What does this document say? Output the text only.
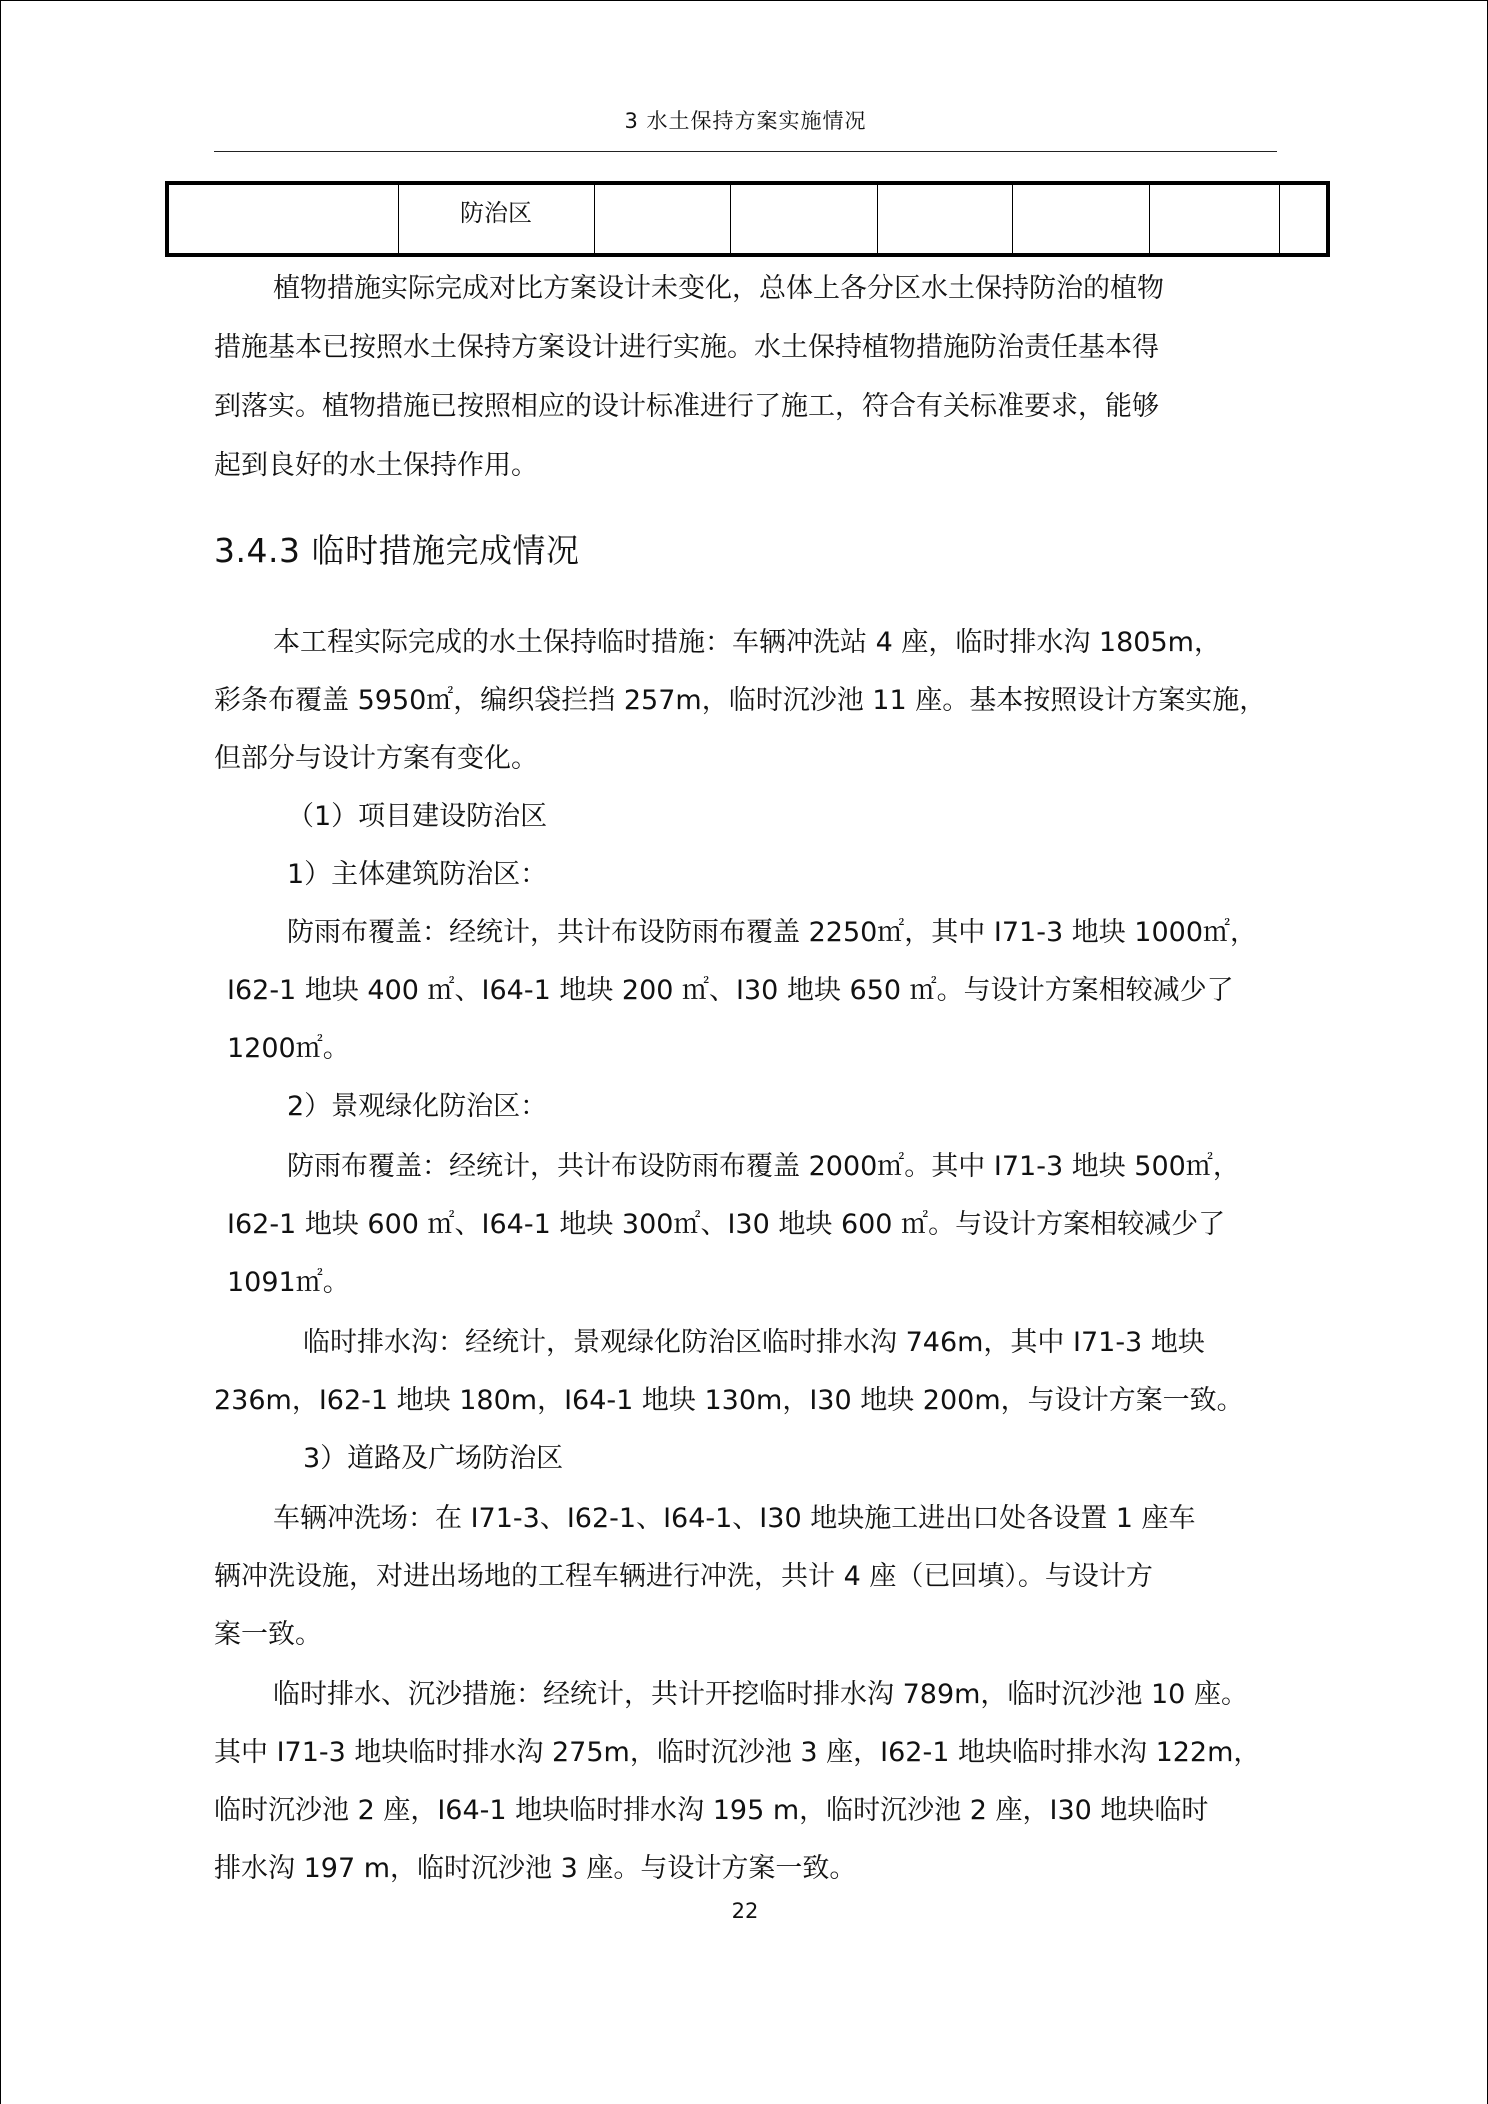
3 水土保持方案实施情况
	防治区						
植物措施实际完成对比方案设计未变化，总体上各分区水土保持防治的植物
措施基本已按照水土保持方案设计进行实施。水土保持植物措施防治责任基本得
到落实。植物措施已按照相应的设计标准进行了施工，符合有关标准要求，能够
起到良好的水土保持作用。
3.4.3 临时措施完成情况
本工程实际完成的水土保持临时措施：车辆冲洗站 4 座，临时排水沟 1805m，
彩条布覆盖 5950㎡，编织袋拦挡 257m，临时沉沙池 11 座。基本按照设计方案实施，
但部分与设计方案有变化。
（1）项目建设防治区
1）主体建筑防治区：
防雨布覆盖：经统计，共计布设防雨布覆盖 2250㎡，其中 I71-3 地块 1000㎡，
I62-1 地块 400 ㎡、I64-1 地块 200 ㎡、I30 地块 650 ㎡。与设计方案相较减少了
1200㎡。
2）景观绿化防治区：
防雨布覆盖：经统计，共计布设防雨布覆盖 2000㎡。其中 I71-3 地块 500㎡，
I62-1 地块 600 ㎡、I64-1 地块 300㎡、I30 地块 600 ㎡。与设计方案相较减少了
1091㎡。
临时排水沟：经统计，景观绿化防治区临时排水沟 746m，其中 I71-3 地块
236m，I62-1 地块 180m，I64-1 地块 130m，I30 地块 200m，与设计方案一致。
3）道路及广场防治区
车辆冲洗场：在 I71-3、I62-1、I64-1、I30 地块施工进出口处各设置 1 座车
辆冲洗设施，对进出场地的工程车辆进行冲洗，共计 4 座（已回填）。与设计方
案一致。
临时排水、沉沙措施：经统计，共计开挖临时排水沟 789m，临时沉沙池 10 座。
其中 I71-3 地块临时排水沟 275m，临时沉沙池 3 座，I62-1 地块临时排水沟 122m，
临时沉沙池 2 座，I64-1 地块临时排水沟 195 m，临时沉沙池 2 座，I30 地块临时
排水沟 197 m，临时沉沙池 3 座。与设计方案一致。
22
